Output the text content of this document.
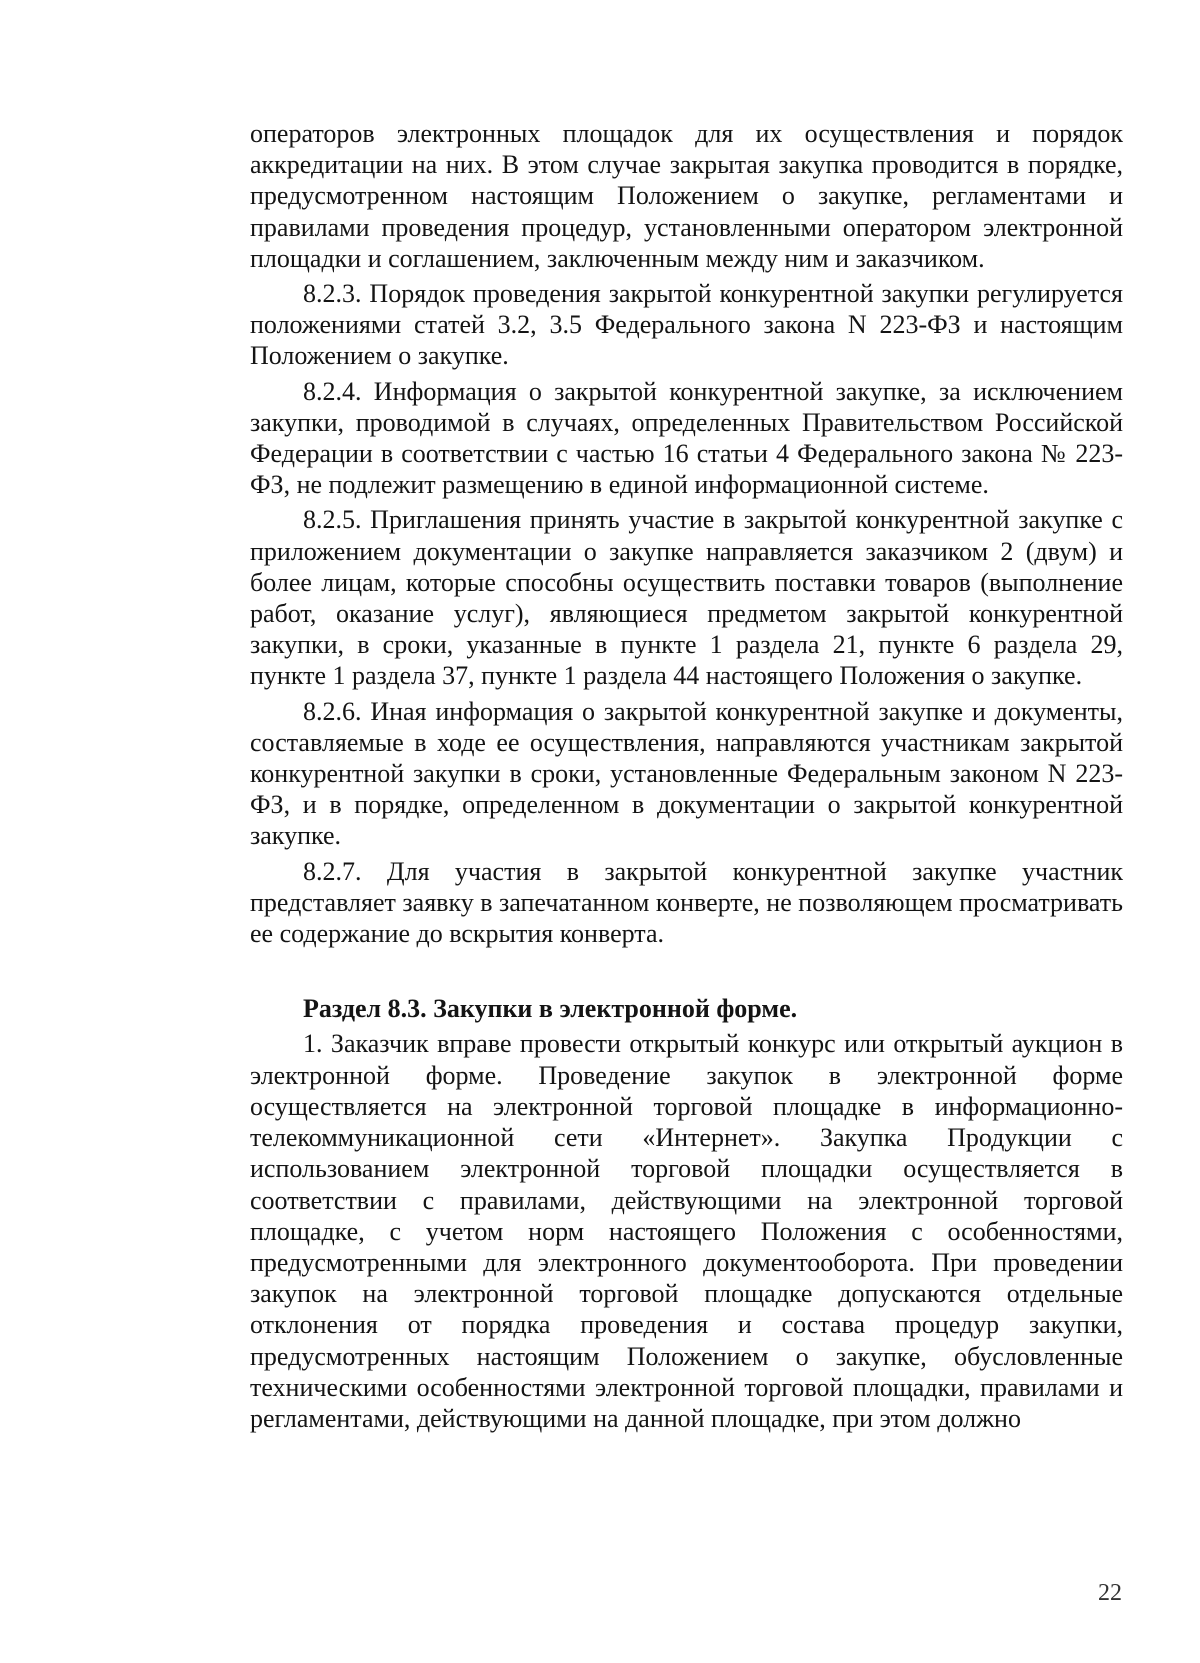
операторов электронных площадок для их осуществления и порядок аккредитации на них. В этом случае закрытая закупка проводится в порядке, предусмотренном настоящим Положением о закупке, регламентами и правилами проведения процедур, установленными оператором электронной площадки и соглашением, заключенным между ним и заказчиком.

8.2.3. Порядок проведения закрытой конкурентной закупки регулируется положениями статей 3.2, 3.5 Федерального закона N 223-ФЗ и настоящим Положением о закупке.

8.2.4. Информация о закрытой конкурентной закупке, за исключением закупки, проводимой в случаях, определенных Правительством Российской Федерации в соответствии с частью 16 статьи 4 Федерального закона № 223-ФЗ, не подлежит размещению в единой информационной системе.

8.2.5. Приглашения принять участие в закрытой конкурентной закупке с приложением документации о закупке направляется заказчиком 2 (двум) и более лицам, которые способны осуществить поставки товаров (выполнение работ, оказание услуг), являющиеся предметом закрытой конкурентной закупки, в сроки, указанные в пункте 1 раздела 21, пункте 6 раздела 29, пункте 1 раздела 37, пункте 1 раздела 44 настоящего Положения о закупке.

8.2.6. Иная информация о закрытой конкурентной закупке и документы, составляемые в ходе ее осуществления, направляются участникам закрытой конкурентной закупки в сроки, установленные Федеральным законом N 223-ФЗ, и в порядке, определенном в документации о закрытой конкурентной закупке.

8.2.7. Для участия в закрытой конкурентной закупке участник представляет заявку в запечатанном конверте, не позволяющем просматривать ее содержание до вскрытия конверта.

Раздел 8.3. Закупки в электронной форме.

1. Заказчик вправе провести открытый конкурс или открытый аукцион в электронной форме. Проведение закупок в электронной форме осуществляется на электронной торговой площадке в информационно-телекоммуникационной сети «Интернет». Закупка Продукции с использованием электронной торговой площадки осуществляется в соответствии с правилами, действующими на электронной торговой площадке, с учетом норм настоящего Положения с особенностями, предусмотренными для электронного документооборота. При проведении закупок на электронной торговой площадке допускаются отдельные отклонения от порядка проведения и состава процедур закупки, предусмотренных настоящим Положением о закупке, обусловленные техническими особенностями электронной торговой площадки, правилами и регламентами, действующими на данной площадке, при этом должно

22
